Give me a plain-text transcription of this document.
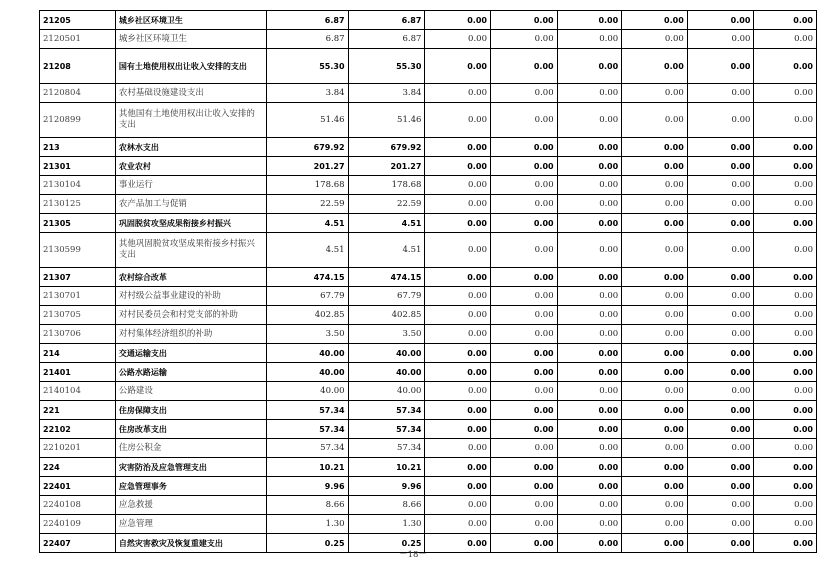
21205	城乡社区环境卫生	6.87	6.87	0.00	0.00	0.00	0.00	0.00	0.00
2120501	城乡社区环境卫生	6.87	6.87	0.00	0.00	0.00	0.00	0.00	0.00
21208	国有土地使用权出让收入安排的支出	55.30	55.30	0.00	0.00	0.00	0.00	0.00	0.00
2120804	农村基础设施建设支出	3.84	3.84	0.00	0.00	0.00	0.00	0.00	0.00
2120899	其他国有土地使用权出让收入安排的支出	51.46	51.46	0.00	0.00	0.00	0.00	0.00	0.00
213	农林水支出	679.92	679.92	0.00	0.00	0.00	0.00	0.00	0.00
21301	农业农村	201.27	201.27	0.00	0.00	0.00	0.00	0.00	0.00
2130104	事业运行	178.68	178.68	0.00	0.00	0.00	0.00	0.00	0.00
2130125	农产品加工与促销	22.59	22.59	0.00	0.00	0.00	0.00	0.00	0.00
21305	巩固脱贫攻坚成果衔接乡村振兴	4.51	4.51	0.00	0.00	0.00	0.00	0.00	0.00
2130599	其他巩固脱贫攻坚成果衔接乡村振兴支出	4.51	4.51	0.00	0.00	0.00	0.00	0.00	0.00
21307	农村综合改革	474.15	474.15	0.00	0.00	0.00	0.00	0.00	0.00
2130701	对村级公益事业建设的补助	67.79	67.79	0.00	0.00	0.00	0.00	0.00	0.00
2130705	对村民委员会和村党支部的补助	402.85	402.85	0.00	0.00	0.00	0.00	0.00	0.00
2130706	对村集体经济组织的补助	3.50	3.50	0.00	0.00	0.00	0.00	0.00	0.00
214	交通运输支出	40.00	40.00	0.00	0.00	0.00	0.00	0.00	0.00
21401	公路水路运输	40.00	40.00	0.00	0.00	0.00	0.00	0.00	0.00
2140104	公路建设	40.00	40.00	0.00	0.00	0.00	0.00	0.00	0.00
221	住房保障支出	57.34	57.34	0.00	0.00	0.00	0.00	0.00	0.00
22102	住房改革支出	57.34	57.34	0.00	0.00	0.00	0.00	0.00	0.00
2210201	住房公积金	57.34	57.34	0.00	0.00	0.00	0.00	0.00	0.00
224	灾害防治及应急管理支出	10.21	10.21	0.00	0.00	0.00	0.00	0.00	0.00
22401	应急管理事务	9.96	9.96	0.00	0.00	0.00	0.00	0.00	0.00
2240108	应急救援	8.66	8.66	0.00	0.00	0.00	0.00	0.00	0.00
2240109	应急管理	1.30	1.30	0.00	0.00	0.00	0.00	0.00	0.00
22407	自然灾害救灾及恢复重建支出	0.25	0.25	0.00	0.00	0.00	0.00	0.00	0.00
－18－
